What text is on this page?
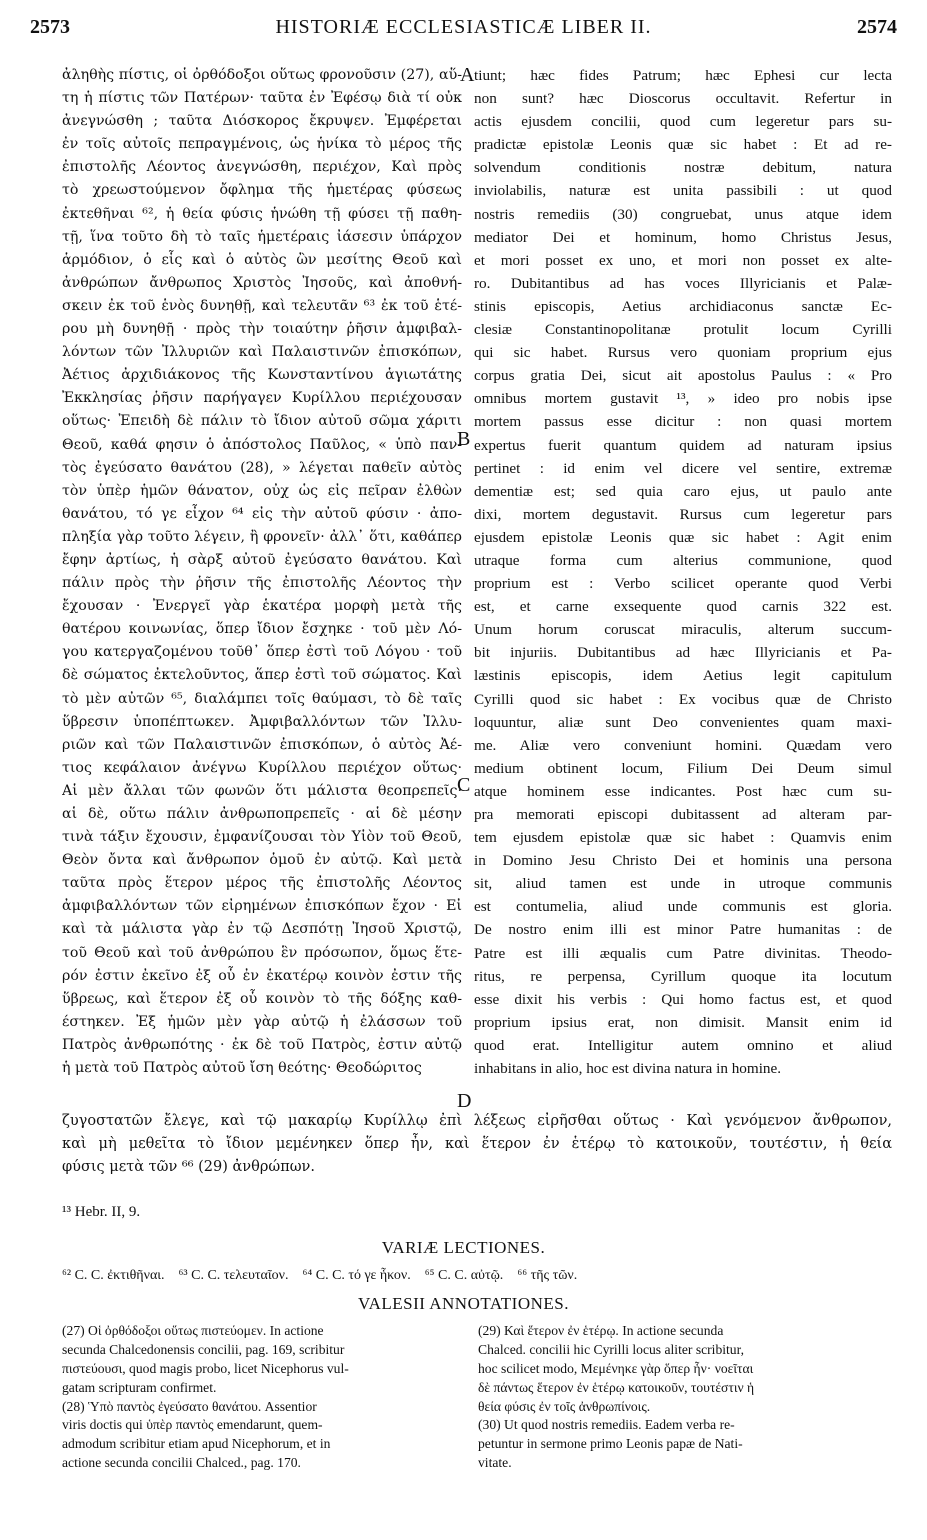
2573	HISTORIÆ ECCLESIASTICÆ LIBER II.	2574
ἀληθὴς πίστις, οἱ ὀρθόδοξοι οὕτως φρονοῦσιν (27), αὕ-
τη ἡ πίστις τῶν Πατέρων· ταῦτα ἐν Ἐφέσῳ διὰ τί οὐκ
ἀνεγνώσθη ; ταῦτα Διόσκορος ἔκρυψεν. Ἐμφέρεται
ἐν τοῖς αὐτοῖς πεπραγμένοις, ὡς ἡνίκα τὸ μέρος τῆς
ἐπιστολῆς Λέοντος ἀνεγνώσθη, περιέχον, Καὶ πρὸς
τὸ χρεωστούμενον ὄφλημα τῆς ἡμετέρας φύσεως
ἐκτεθῆναι ⁶², ἡ θεία φύσις ἡνώθη τῇ φύσει τῇ παθη-
τῇ, ἵνα τοῦτο δὴ τὸ ταῖς ἡμετέραις ἰάσεσιν ὑπάρχον
ἁρμόδιον, ὁ εἷς καὶ ὁ αὐτὸς ὢν μεσίτης Θεοῦ καὶ
ἀνθρώπων ἄνθρωπος Χριστὸς Ἰησοῦς, καὶ ἀποθνή-
σκειν ἐκ τοῦ ἑνὸς δυνηθῇ, καὶ τελευτᾶν ⁶³ ἐκ τοῦ ἑτέ-
ρου μὴ δυνηθῇ · πρὸς τὴν τοιαύτην ῥῆσιν ἀμφιβαλ-
λόντων τῶν Ἰλλυριῶν καὶ Παλαιστινῶν ἐπισκόπων,
Ἀέτιος ἀρχιδιάκονος τῆς Κωνσταντίνου ἁγιωτάτης
Ἐκκλησίας ῥῆσιν παρήγαγεν Κυρίλλου περιέχουσαν
οὕτως· Ἐπειδὴ δὲ πάλιν τὸ ἴδιον αὐτοῦ σῶμα χάριτι
Θεοῦ, καθά φησιν ὁ ἀπόστολος Παῦλος, « ὑπὸ παν-
τὸς ἐγεύσατο θανάτου (28), » λέγεται παθεῖν αὐτὸς
τὸν ὑπὲρ ἡμῶν θάνατον, οὐχ ὡς εἰς πεῖραν ἐλθὼν
θανάτου, τό γε εἶχον ⁶⁴ εἰς τὴν αὐτοῦ φύσιν · ἀπο-
πληξία γὰρ τοῦτο λέγειν, ἢ φρονεῖν· ἀλλ᾽ ὅτι, καθάπερ
ἔφην ἀρτίως, ἡ σὰρξ αὐτοῦ ἐγεύσατο θανάτου. Καὶ
πάλιν πρὸς τὴν ῥῆσιν τῆς ἐπιστολῆς Λέοντος τὴν
ἔχουσαν · Ἐνεργεῖ γὰρ ἑκατέρα μορφὴ μετὰ τῆς
θατέρου κοινωνίας, ὅπερ ἴδιον ἔσχηκε · τοῦ μὲν Λό-
γου κατεργαζομένου τοῦθ᾽ ὅπερ ἐστὶ τοῦ Λόγου · τοῦ
δὲ σώματος ἐκτελοῦντος, ἅπερ ἐστὶ τοῦ σώματος. Καὶ
τὸ μὲν αὐτῶν ⁶⁵, διαλάμπει τοῖς θαύμασι, τὸ δὲ ταῖς
ὕβρεσιν ὑποπέπτωκεν. Ἀμφιβαλλόντων τῶν Ἰλλυ-
ριῶν καὶ τῶν Παλαιστινῶν ἐπισκόπων, ὁ αὐτὸς Ἀέ-
τιος κεφάλαιον ἀνέγνω Κυρίλλου περιέχον οὕτως·
Αἱ μὲν ἄλλαι τῶν φωνῶν ὅτι μάλιστα θεοπρεπεῖς·
αἱ δὲ, οὕτω πάλιν ἀνθρωποπρεπεῖς · αἱ δὲ μέσην
τινὰ τάξιν ἔχουσιν, ἐμφανίζουσαι τὸν Υἱὸν τοῦ Θεοῦ,
Θεὸν ὄντα καὶ ἄνθρωπον ὁμοῦ ἐν αὐτῷ. Καὶ μετὰ
ταῦτα πρὸς ἕτερον μέρος τῆς ἐπιστολῆς Λέοντος
ἀμφιβαλλόντων τῶν εἰρημένων ἐπισκόπων ἔχον · Εἰ
καὶ τὰ μάλιστα γὰρ ἐν τῷ Δεσπότῃ Ἰησοῦ Χριστῷ,
τοῦ Θεοῦ καὶ τοῦ ἀνθρώπου ἓν πρόσωπον, ὅμως ἕτε-
ρόν ἐστιν ἐκεῖνο ἐξ οὗ ἐν ἑκατέρῳ κοινὸν ἐστιν τῆς
ὕβρεως, καὶ ἕτερον ἐξ οὗ κοινὸν τὸ τῆς δόξης καθ-
έστηκεν. Ἐξ ἡμῶν μὲν γὰρ αὐτῷ ἡ ἐλάσσων τοῦ
Πατρὸς ἀνθρωπότης · ἐκ δὲ τοῦ Πατρὸς, ἐστιν αὐτῷ
ἡ μετὰ τοῦ Πατρὸς αὐτοῦ ἴση θεότης· Θεοδώριτος
tiunt; hæc fides Patrum; hæc Ephesi cur lecta
non sunt? hæc Dioscorus occultavit. Refertur in
actis ejusdem concilii, quod cum legeretur pars su-
pradictæ epistolæ Leonis quæ sic habet : Et ad re-
solvendum conditionis nostræ debitum, natura
inviolabilis, naturæ est unita passibili : ut quod
nostris remediis (30) congruebat, unus atque idem
mediator Dei et hominum, homo Christus Jesus,
et mori posset ex uno, et mori non posset ex alte-
ro. Dubitantibus ad has voces Illyricianis et Palæ-
stinis episcopis, Aetius archidiaconus sanctæ Ec-
clesiæ Constantinopolitanæ protulit locum Cyrilli
qui sic habet. Rursus vero quoniam proprium ejus
corpus gratia Dei, sicut ait apostolus Paulus : « Pro
omnibus mortem gustavit ¹³, » ideo pro nobis ipse
mortem passus esse dicitur : non quasi mortem
expertus fuerit quantum quidem ad naturam ipsius
pertinet : id enim vel dicere vel sentire, extremæ
dementiæ est; sed quia caro ejus, ut paulo ante
dixi, mortem degustavit. Rursus cum legeretur pars
ejusdem epistolæ Leonis quæ sic habet : Agit enim
utraque forma cum alterius communione, quod
proprium est : Verbo scilicet operante quod Verbi
est, et carne exsequente quod carnis 322 est.
Unum horum coruscat miraculis, alterum succum-
bit injuriis. Dubitantibus ad hæc Illyricianis et Pa-
læstinis episcopis, idem Aetius legit capitulum
Cyrilli quod sic habet : Ex vocibus quæ de Christo
loquuntur, aliæ sunt Deo convenientes quam maxi-
me. Aliæ vero conveniunt homini. Quædam vero
medium obtinent locum, Filium Dei Deum simul
atque hominem esse indicantes. Post hæc cum su-
pra memorati episcopi dubitassent ad alteram par-
tem ejusdem epistolæ quæ sic habet : Quamvis enim
in Domino Jesu Christo Dei et hominis una persona
sit, aliud tamen est unde in utroque communis
est contumelia, aliud unde communis est gloria.
De nostro enim illi est minor Patre humanitas : de
Patre est illi æqualis cum Patre divinitas. Theodo-
ritus, re perpensa, Cyrillum quoque ita locutum
esse dixit his verbis : Qui homo factus est, et quod
proprium ipsius erat, non dimisit. Mansit enim id
quod erat. Intelligitur autem omnino et aliud
inhabitans in alio, hoc est divina natura in homine.
A
B
C
D
ζυγοστατῶν ἔλεγε, καὶ τῷ μακαρίῳ Κυρίλλῳ ἐπὶ λέξεως εἰρῆσθαι οὕτως · Καὶ γενόμενον ἄνθρωπον,
καὶ μὴ μεθεῖτα τὸ ἴδιον μεμένηκεν ὅπερ ἦν, καὶ ἕτερον ἐν ἑτέρῳ τὸ κατοικοῦν, τουτέστιν, ἡ θεία
φύσις μετὰ τῶν ⁶⁶ (29) ἀνθρώπων.
¹³ Hebr. II, 9.
VARIÆ LECTIONES.
⁶² C. C. ἐκτιθῆναι. ⁶³ C. C. τελευταῖον. ⁶⁴ C. C. τό γε ἦκον. ⁶⁵ C. C. αὐτῷ. ⁶⁶ τῆς τῶν.
VALESII ANNOTATIONES.
(27) Οἱ ὀρθόδοξοι οὕτως πιστεύομεν. In actione
secunda Chalcedonensis concilii, pag. 169, scribitur
πιστεύουσι, quod magis probo, licet Nicephorus vul-
gatam scripturam confirmet.
(28) Ὑπὸ παντὸς ἐγεύσατο θανάτου. Assentior
viris doctis qui ὑπὲρ παντὸς emendarunt, quem-
admodum scribitur etiam apud Nicephorum, et in
actione secunda concilii Chalced., pag. 170.
(29) Καὶ ἕτερον ἐν ἑτέρῳ. In actione secunda
Chalced. concilii hic Cyrilli locus aliter scribitur,
hoc scilicet modo, Μεμένηκε γὰρ ὅπερ ἦν· νοεῖται
δὲ πάντως ἕτερον ἐν ἑτέρῳ κατοικοῦν, τουτέστιν ἡ
θεία φύσις ἐν τοῖς ἀνθρωπίνοις.
(30) Ut quod nostris remediis. Eadem verba re-
petuntur in sermone primo Leonis papæ de Nati-
vitate.
